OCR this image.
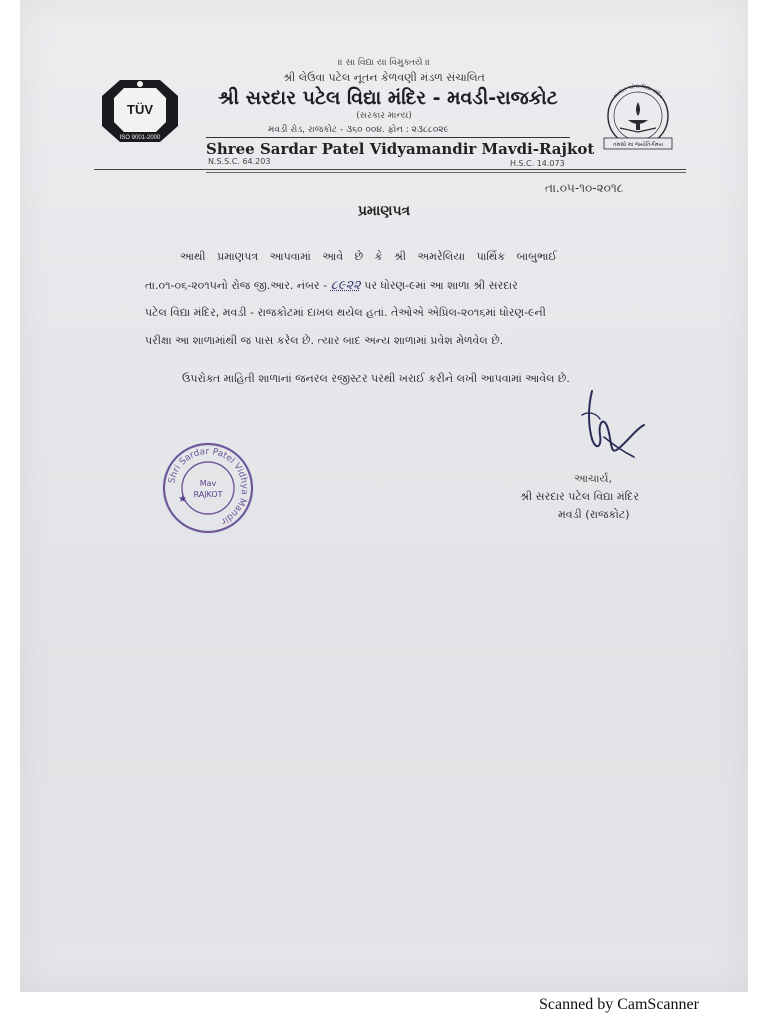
TÜV
ISO 9001-2000
સરદાર પટેલ વિદ્યા મંદિર
તમસો મા જ્યોતિર્ગમય
॥ સા વિદ્યા યા વિમુક્તયે ॥
શ્રી લેઉવા પટેલ નૂતન કેળવણી મંડળ સંચાલિત
શ્રી સરદાર પટેલ વિદ્યા મંદિર - મવડી-રાજકોટ
(સરકાર માન્ય)
મવડી રોડ, રાજકોટ - ૩૬૦ ૦૦૪. ફોન : ૨૩૮૮૦૨૯
Shree Sardar Patel Vidyamandir Mavdi-Rajkot
N.S.S.C. 64.203	H.S.C. 14.073
તા.૦૫-૧૦-૨૦૧૮
પ્રમાણપત્ર
આથી પ્રમાણપત્ર આપવામાં આવે છે કે શ્રી અમરેલિયા પાર્થિક બાબુભાઈ
તા.૦૧-૦૬-૨૦૧૫નો રોજ જી.આર. નંબર - ૮૯૨૨ પર ધોરણ-૯માં આ શાળા શ્રી સરદાર
પટેલ વિદ્યા મંદિર, મવડી - રાજકોટમાં દાખલ થયેલ હતાં. તેઓએ એપ્રિલ-૨૦૧૬માં ધોરણ-૯ની
પરીક્ષા આ શાળામાંથી જ પાસ કરેલ છે. ત્યાર બાદ અન્ય શાળામાં પ્રવેશ મેળવેલ છે.
ઉપરોક્ત માહિતી શાળાનાં જનરલ રજીસ્ટર પરથી ખરાઈ કરીને લખી આપવામાં આવેલ છે.
Shri Sardar Patel Vidhya Mandir
Mav
RAJKOT
★
આચાર્ય,
શ્રી સરદાર પટેલ વિદ્યા મંદિર
મવડી (રાજકોટ)
Scanned by CamScanner
